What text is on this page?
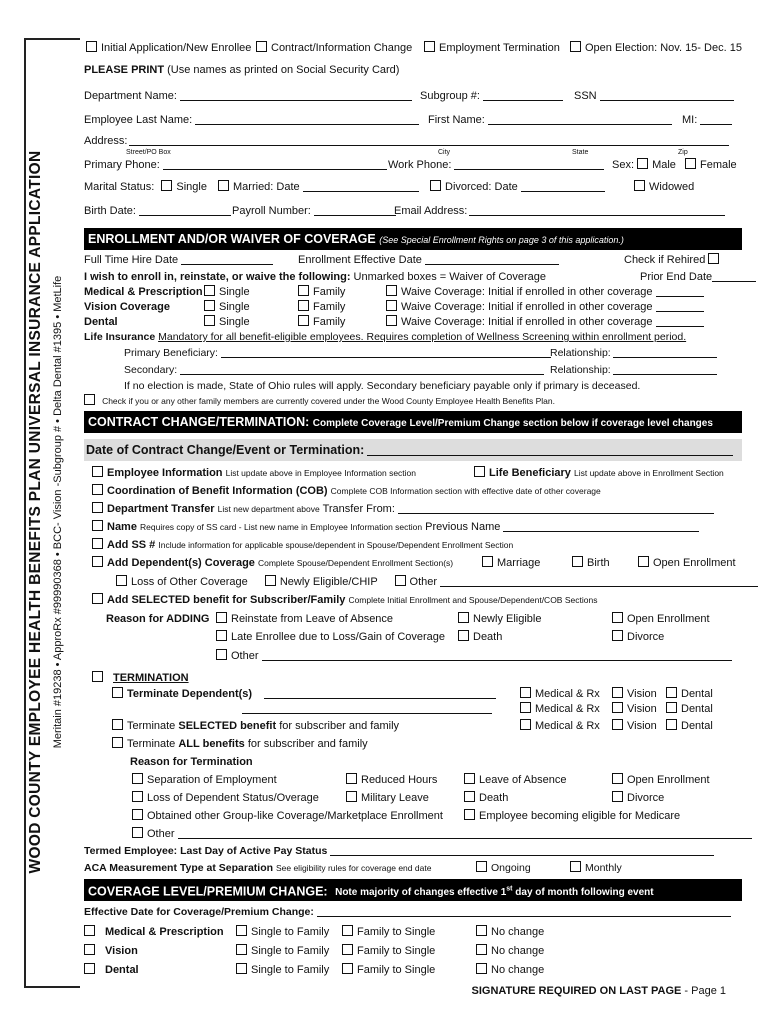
WOOD COUNTY EMPLOYEE HEALTH BENEFITS PLAN UNIVERSAL INSURANCE APPLICATION Meritain #19238 • ApproRx #99990368 • BCC- Vision -Subgroup # • Delta Dental #1395 • MetLife
Initial Application/New Enrollee	Contract/Information Change	Employment Termination	Open Election: Nov. 15- Dec. 15
PLEASE PRINT (Use names as printed on Social Security Card)
Department Name:	Subgroup #:	SSN
Employee Last Name:	First Name:	MI:
Address:
Street/PO Box	City	State	Zip
Primary Phone:	Work Phone:	Sex: Male Female
Marital Status: Single Married: Date	Divorced: Date	Widowed
Birth Date:	Payroll Number:	Email Address:
ENROLLMENT AND/OR WAIVER OF COVERAGE (See Special Enrollment Rights on page 3 of this application.)
Full Time Hire Date	Enrollment Effective Date	Check if Rehired
I wish to enroll in, reinstate, or waive the following: Unmarked boxes = Waiver of Coverage	Prior End Date
Medical & Prescription	Single	Family	Waive Coverage: Initial if enrolled in other coverage
Vision Coverage	Single	Family	Waive Coverage: Initial if enrolled in other coverage
Dental	Single	Family	Waive Coverage: Initial if enrolled in other coverage
Life Insurance Mandatory for all benefit-eligible employees. Requires completion of Wellness Screening within enrollment period.
Primary Beneficiary:	Relationship:
Secondary:	Relationship:
If no election is made, State of Ohio rules will apply. Secondary beneficiary payable only if primary is deceased.
Check if you or any other family members are currently covered under the Wood County Employee Health Benefits Plan.
CONTRACT CHANGE/TERMINATION: Complete Coverage Level/Premium Change section below if coverage level changes
Date of Contract Change/Event or Termination:
Employee Information List update above in Employee Information section	Life Beneficiary List update above in Enrollment Section
Coordination of Benefit Information (COB) Complete COB Information section with effective date of other coverage
Department Transfer List new department above Transfer From:
Name Requires copy of SS card - List new name in Employee Information section Previous Name
Add SS # Include information for applicable spouse/dependent in Spouse/Dependent Enrollment Section
Add Dependent(s) Coverage Complete Spouse/Dependent Enrollment Section(s)	Marriage	Birth	Open Enrollment
Loss of Other Coverage	Newly Eligible/CHIP	Other
Add SELECTED benefit for Subscriber/Family Complete Initial Enrollment and Spouse/Dependent/COB Sections
Reason for ADDING	Reinstate from Leave of Absence	Newly Eligible	Open Enrollment
Late Enrollee due to Loss/Gain of Coverage	Death	Divorce
Other
TERMINATION
Terminate Dependent(s)	Medical & Rx	Vision	Dental
Medical & Rx	Vision	Dental
Terminate SELECTED benefit for subscriber and family	Medical & Rx	Vision	Dental
Terminate ALL benefits for subscriber and family
Reason for Termination
Separation of Employment	Reduced Hours	Leave of Absence	Open Enrollment
Loss of Dependent Status/Overage	Military Leave	Death	Divorce
Obtained other Group-like Coverage/Marketplace Enrollment	Employee becoming eligible for Medicare
Other
Termed Employee: Last Day of Active Pay Status
ACA Measurement Type at Separation See eligibility rules for coverage end date	Ongoing	Monthly
COVERAGE LEVEL/PREMIUM CHANGE: Note majority of changes effective 1st day of month following event
Effective Date for Coverage/Premium Change:
Medical & Prescription	Single to Family	Family to Single	No change
Vision	Single to Family	Family to Single	No change
Dental	Single to Family	Family to Single	No change
SIGNATURE REQUIRED ON LAST PAGE - Page 1
